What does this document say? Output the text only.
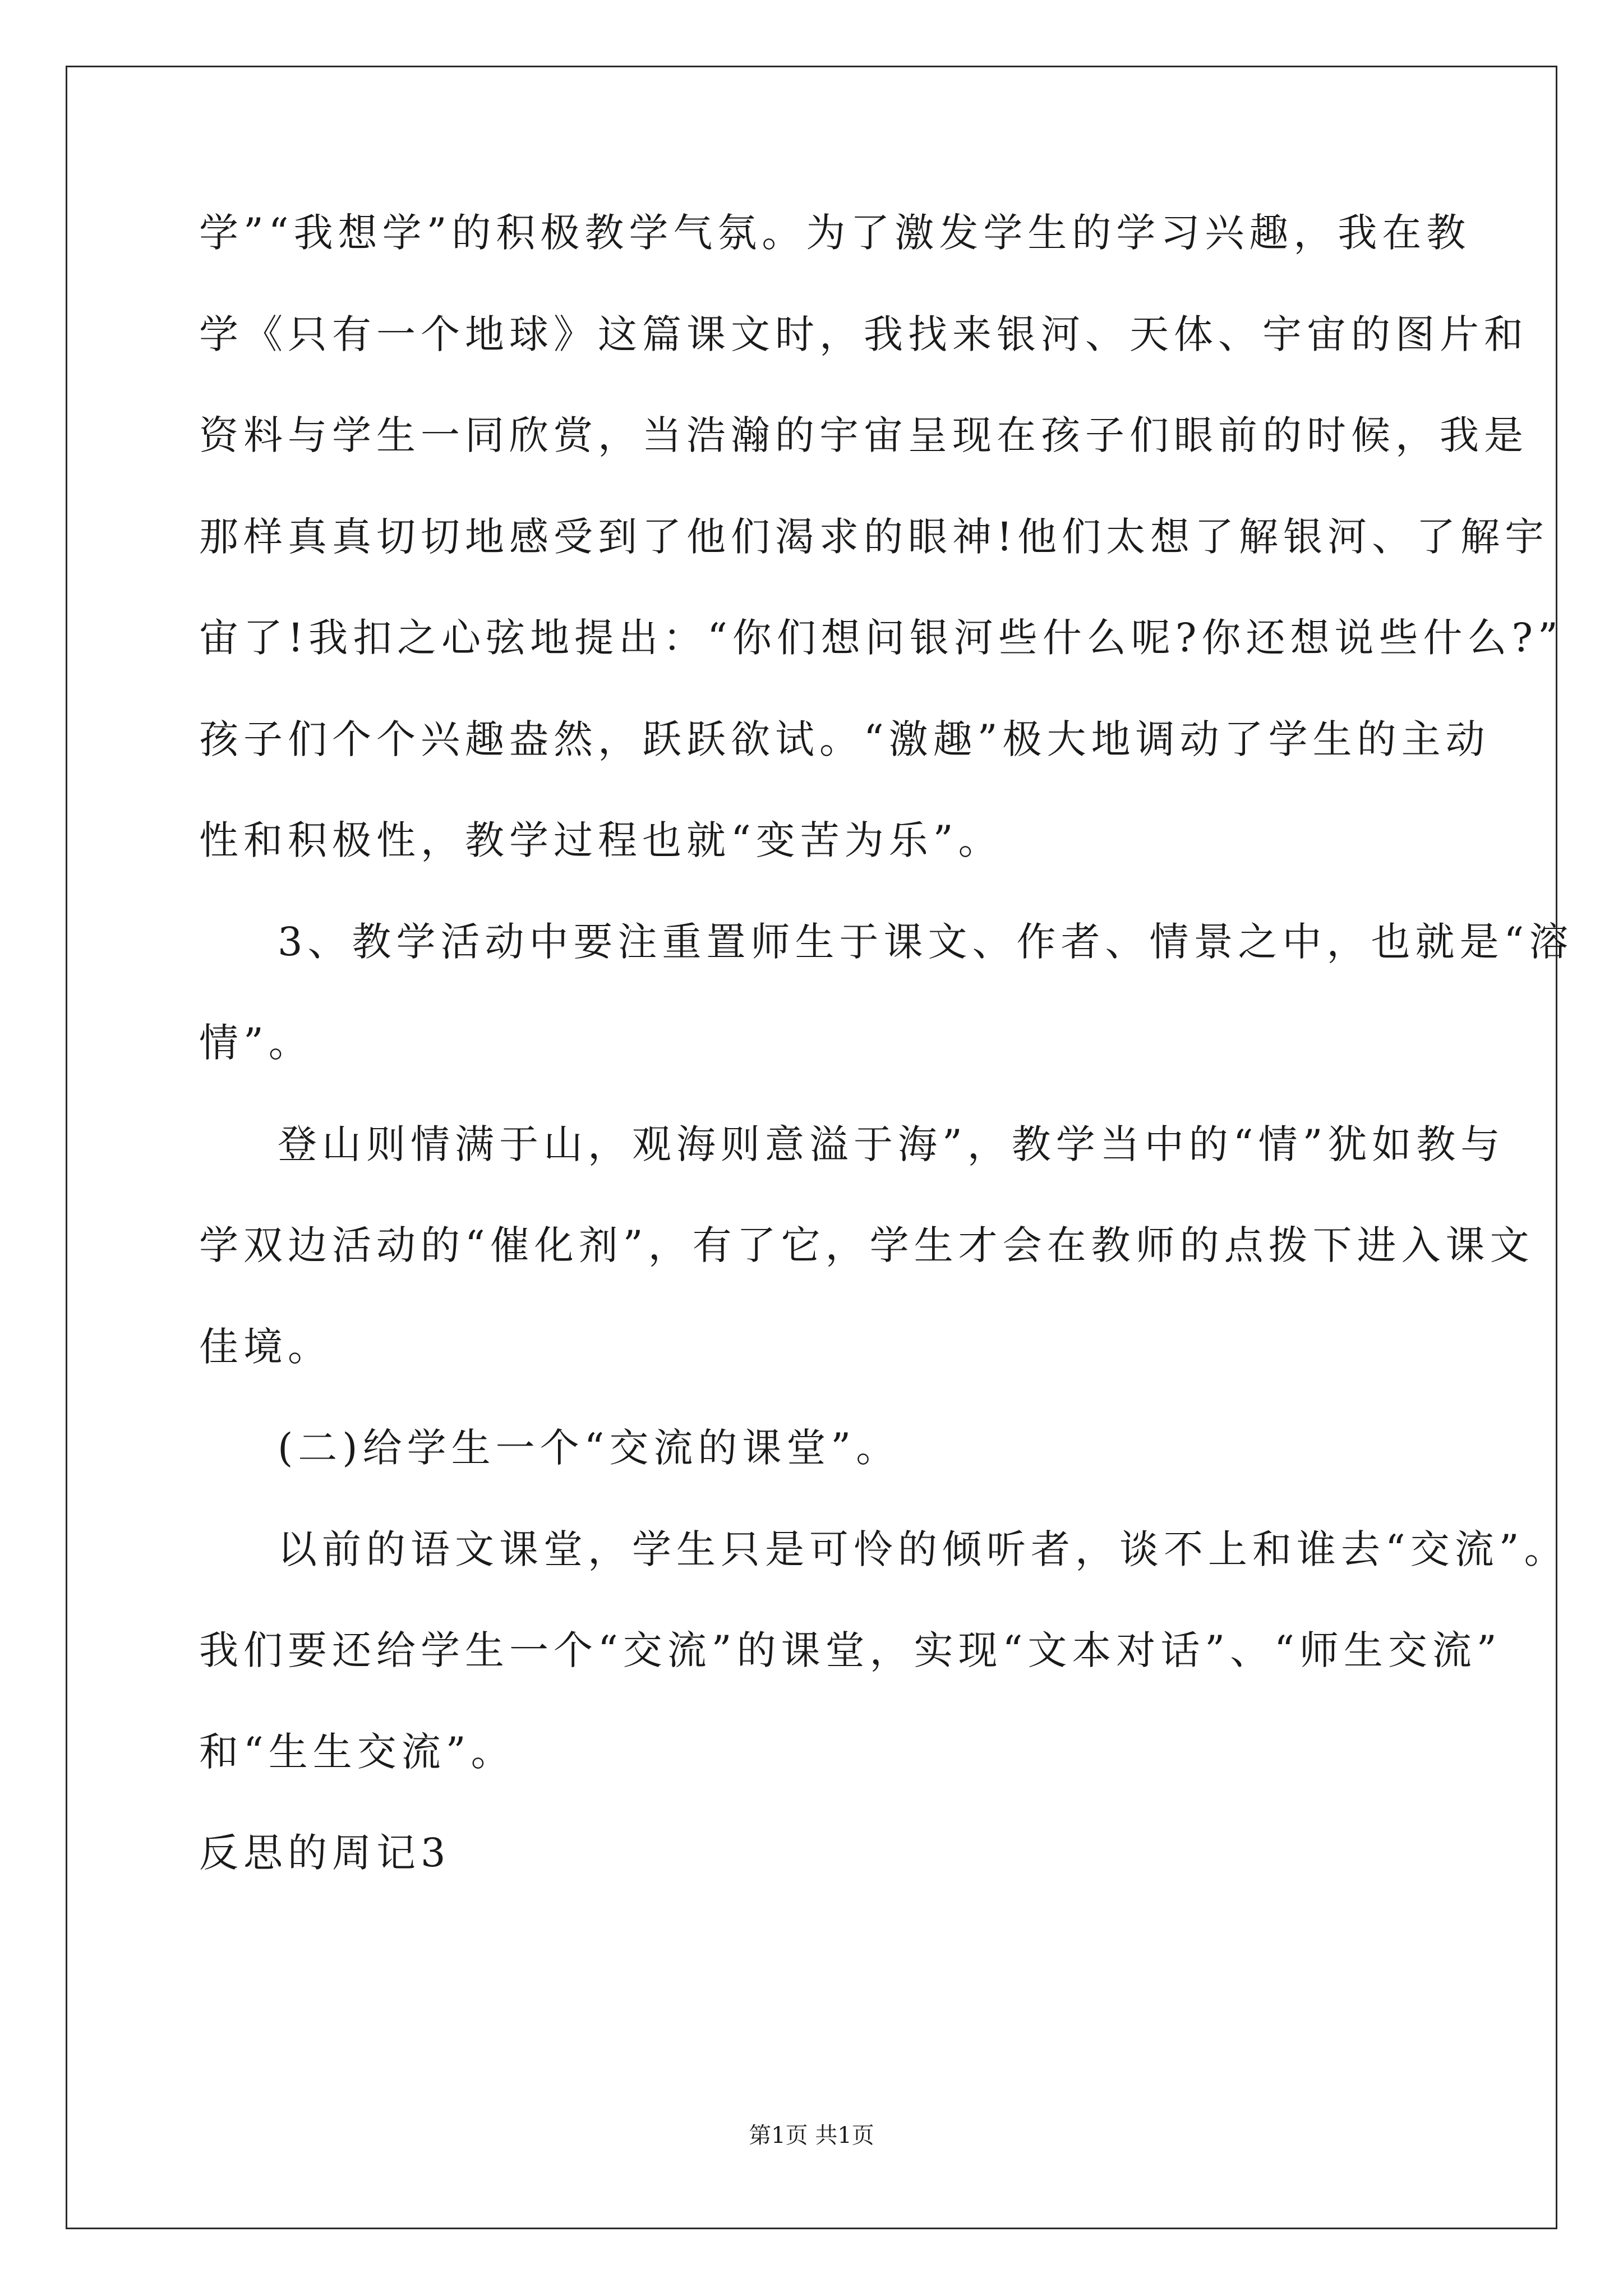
学”“我想学”的积极教学气氛。为了激发学生的学习兴趣，我在教
学《只有一个地球》这篇课文时，我找来银河、天体、宇宙的图片和
资料与学生一同欣赏，当浩瀚的宇宙呈现在孩子们眼前的时候，我是
那样真真切切地感受到了他们渴求的眼神!他们太想了解银河、了解宇
宙了!我扣之心弦地提出：“你们想问银河些什么呢?你还想说些什么?”
孩子们个个兴趣盎然，跃跃欲试。“激趣”极大地调动了学生的主动
性和积极性，教学过程也就“变苦为乐”。
3、教学活动中要注重置师生于课文、作者、情景之中，也就是“溶
情”。
登山则情满于山，观海则意溢于海”，教学当中的“情”犹如教与
学双边活动的“催化剂”，有了它，学生才会在教师的点拨下进入课文
佳境。
(二)给学生一个“交流的课堂”。
以前的语文课堂，学生只是可怜的倾听者，谈不上和谁去“交流”。
我们要还给学生一个“交流”的课堂，实现“文本对话”、“师生交流”
和“生生交流”。
反思的周记3
第1页 共1页
